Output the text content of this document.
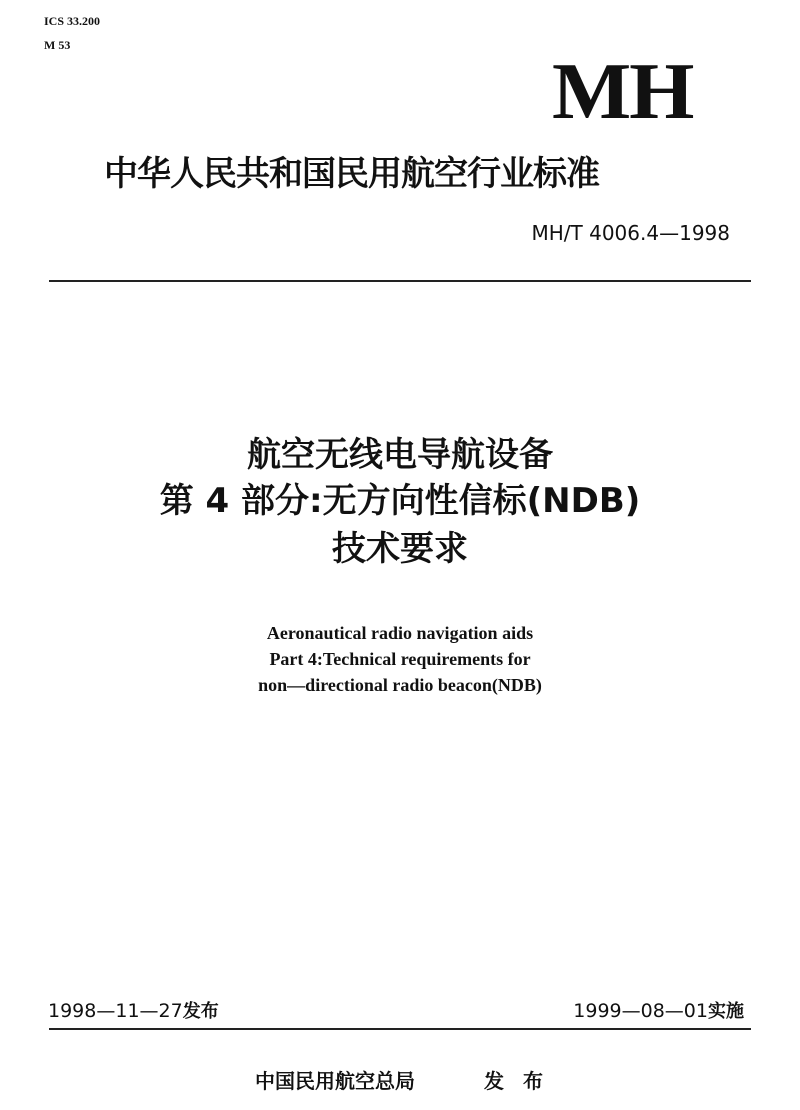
ICS 33.200
M 53
MH
中华人民共和国民用航空行业标准
MH/T 4006.4—1998
航空无线电导航设备
第 4 部分:无方向性信标(NDB)
技术要求
Aeronautical radio navigation aids
Part 4:Technical requirements for
non—directional radio beacon(NDB)
1998—11—27发布	1999—08—01实施
中国民用航空总局	发 布
